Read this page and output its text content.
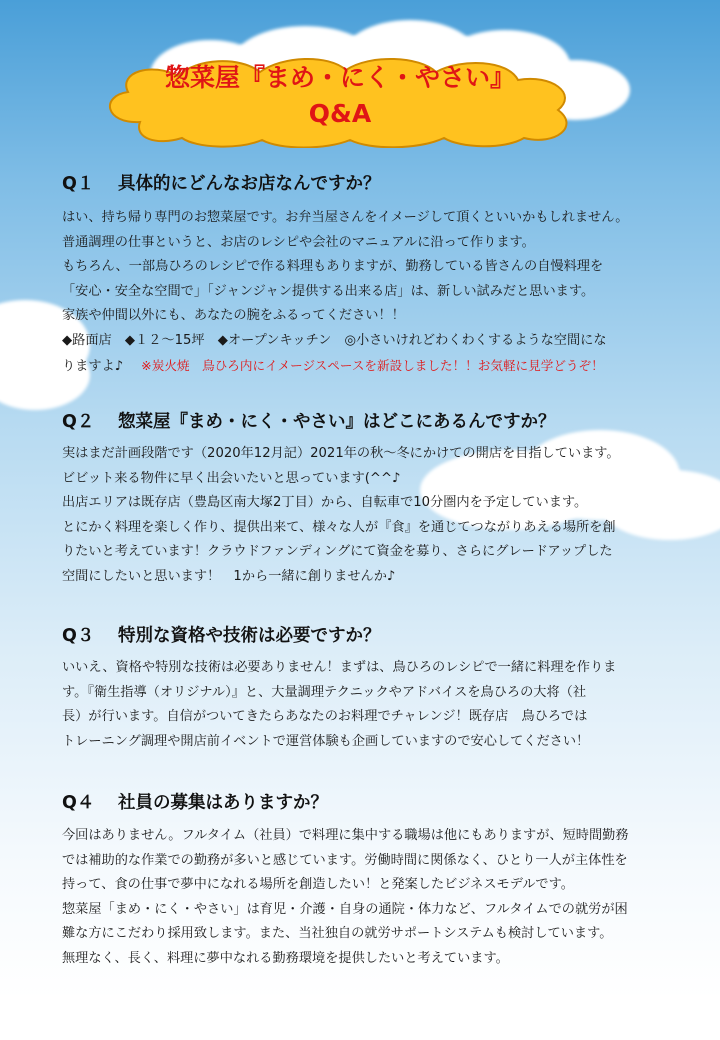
惣菜屋『まめ・にく・やさい』
Q&A
Q１ 具体的にどんなお店なんですか？
はい、持ち帰り専門のお惣菜屋です。お弁当屋さんをイメージして頂くといいかもしれません。
普通調理の仕事というと、お店のレシピや会社のマニュアルに沿って作ります。
もちろん、一部鳥ひろのレシピで作る料理もありますが、勤務している皆さんの自慢料理を
「安心・安全な空間で」「ジャンジャン提供する出来る店」は、新しい試みだと思います。
家族や仲間以外にも、あなたの腕をふるってください！！
◆路面店　◆１２～15坪　◆オープンキッチン　◎小さいけれどわくわくするような空間にな
りますよ♪ ※炭火焼　鳥ひろ内にイメージスペースを新設しました！！お気軽に見学どうぞ！
Q２ 惣菜屋『まめ・にく・やさい』はどこにあるんですか？
実はまだ計画段階です（2020年12月記）2021年の秋～冬にかけての開店を目指しています。
ビビット来る物件に早く出会いたいと思っています(^^♪
出店エリアは既存店（豊島区南大塚2丁目）から、自転車で10分圏内を予定しています。
とにかく料理を楽しく作り、提供出来て、様々な人が『食』を通じてつながりあえる場所を創
りたいと考えています！クラウドファンディングにて資金を募り、さらにグレードアップした
空間にしたいと思います！　1から一緒に創りませんか♪
Q３ 特別な資格や技術は必要ですか？
いいえ、資格や特別な技術は必要ありません！まずは、鳥ひろのレシピで一緒に料理を作りま
す。『衛生指導（オリジナル）』と、大量調理テクニックやアドバイスを鳥ひろの大将（社
長）が行います。自信がついてきたらあなたのお料理でチャレンジ！既存店　鳥ひろでは
トレーニング調理や開店前イベントで運営体験も企画していますので安心してください！
Q４ 社員の募集はありますか？
今回はありません。フルタイム（社員）で料理に集中する職場は他にもありますが、短時間勤務
では補助的な作業での勤務が多いと感じています。労働時間に関係なく、ひとり一人が主体性を
持って、食の仕事で夢中になれる場所を創造したい！と発案したビジネスモデルです。
惣菜屋「まめ・にく・やさい」は育児・介護・自身の通院・体力など、フルタイムでの就労が困
難な方にこだわり採用致します。また、当社独自の就労サポートシステムも検討しています。
無理なく、長く、料理に夢中なれる勤務環境を提供したいと考えています。
